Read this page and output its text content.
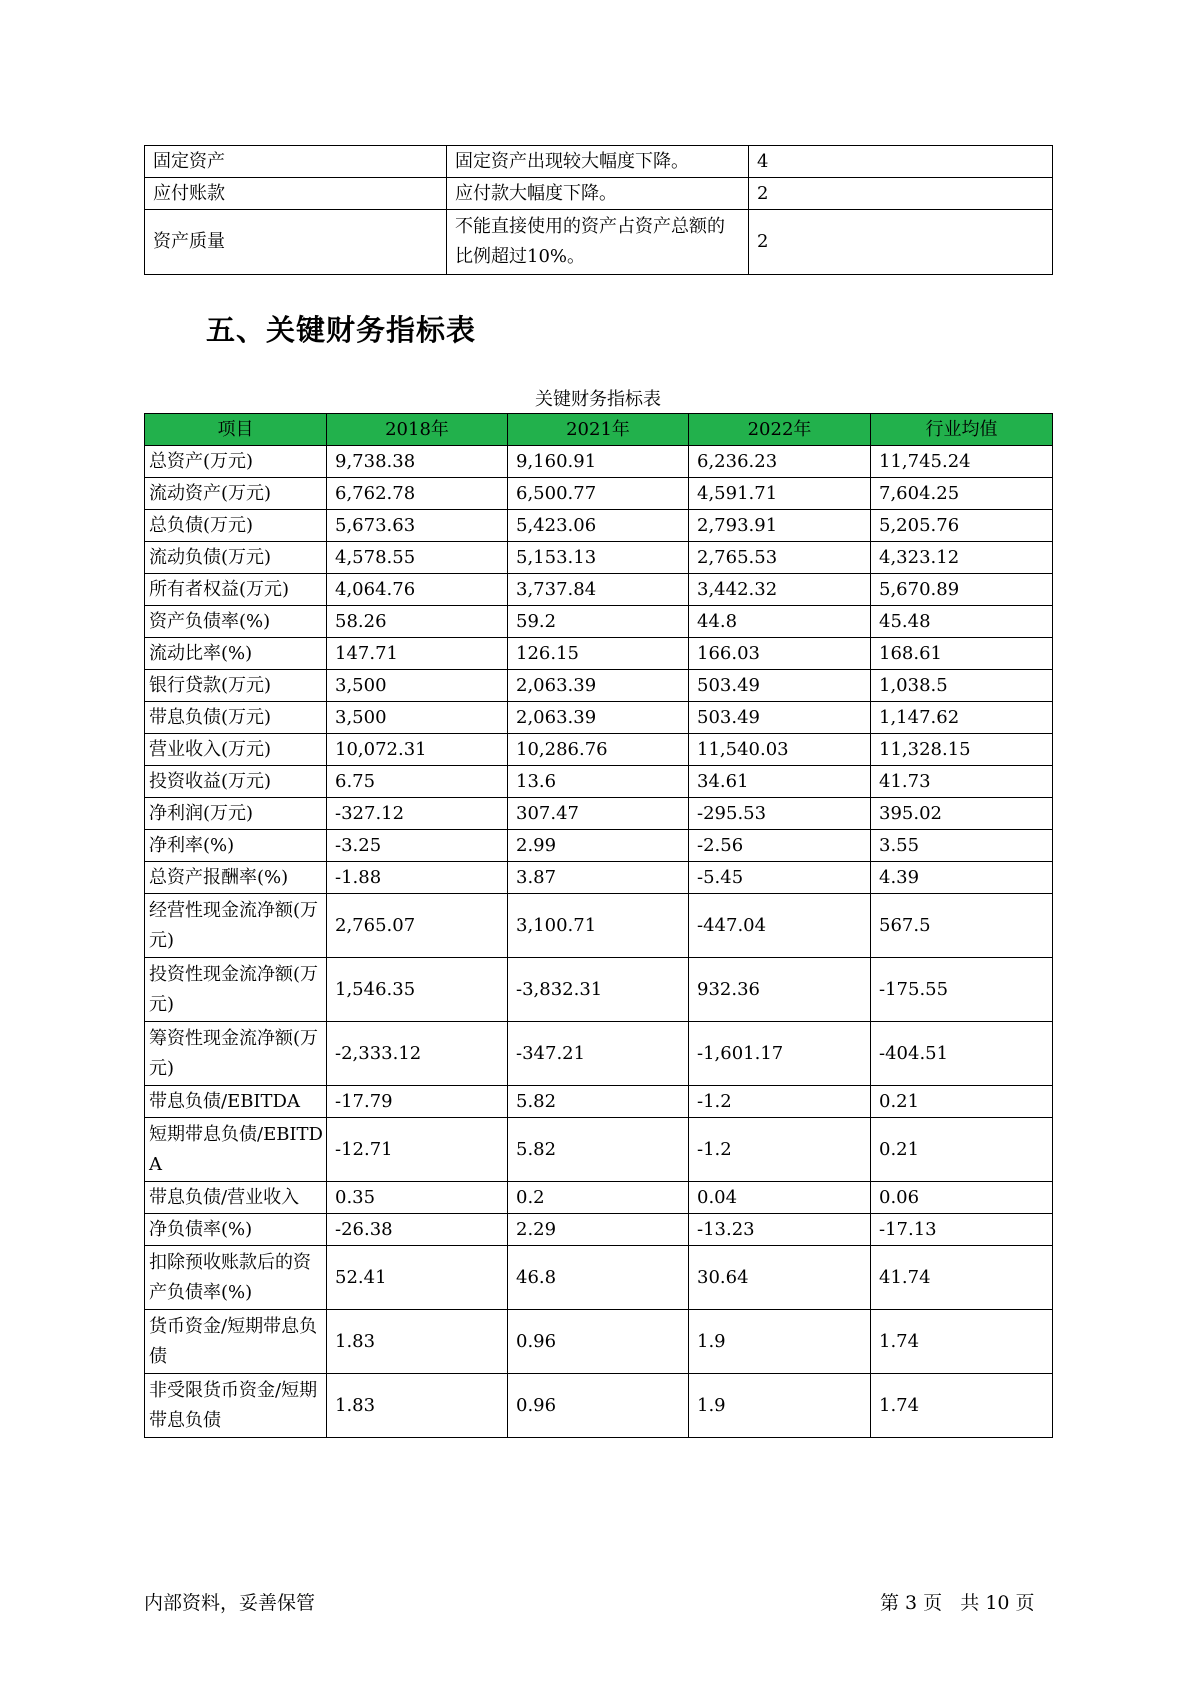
固定资产	固定资产出现较大幅度下降。	4
应付账款	应付款大幅度下降。	2
资产质量	不能直接使用的资产占资产总额的比例超过10%。	2
五、关键财务指标表
关键财务指标表
项目	2018年	2021年	2022年	行业均值
总资产(万元)	9,738.38	9,160.91	6,236.23	11,745.24
流动资产(万元)	6,762.78	6,500.77	4,591.71	7,604.25
总负债(万元)	5,673.63	5,423.06	2,793.91	5,205.76
流动负债(万元)	4,578.55	5,153.13	2,765.53	4,323.12
所有者权益(万元)	4,064.76	3,737.84	3,442.32	5,670.89
资产负债率(%)	58.26	59.2	44.8	45.48
流动比率(%)	147.71	126.15	166.03	168.61
银行贷款(万元)	3,500	2,063.39	503.49	1,038.5
带息负债(万元)	3,500	2,063.39	503.49	1,147.62
营业收入(万元)	10,072.31	10,286.76	11,540.03	11,328.15
投资收益(万元)	6.75	13.6	34.61	41.73
净利润(万元)	-327.12	307.47	-295.53	395.02
净利率(%)	-3.25	2.99	-2.56	3.55
总资产报酬率(%)	-1.88	3.87	-5.45	4.39
经营性现金流净额(万元)	2,765.07	3,100.71	-447.04	567.5
投资性现金流净额(万元)	1,546.35	-3,832.31	932.36	-175.55
筹资性现金流净额(万元)	-2,333.12	-347.21	-1,601.17	-404.51
带息负债/EBITDA	-17.79	5.82	-1.2	0.21
短期带息负债/EBITDA	-12.71	5.82	-1.2	0.21
带息负债/营业收入	0.35	0.2	0.04	0.06
净负债率(%)	-26.38	2.29	-13.23	-17.13
扣除预收账款后的资产负债率(%)	52.41	46.8	30.64	41.74
货币资金/短期带息负债	1.83	0.96	1.9	1.74
非受限货币资金/短期带息负债	1.83	0.96	1.9	1.74
内部资料，妥善保管	第 3 页   共 10 页
